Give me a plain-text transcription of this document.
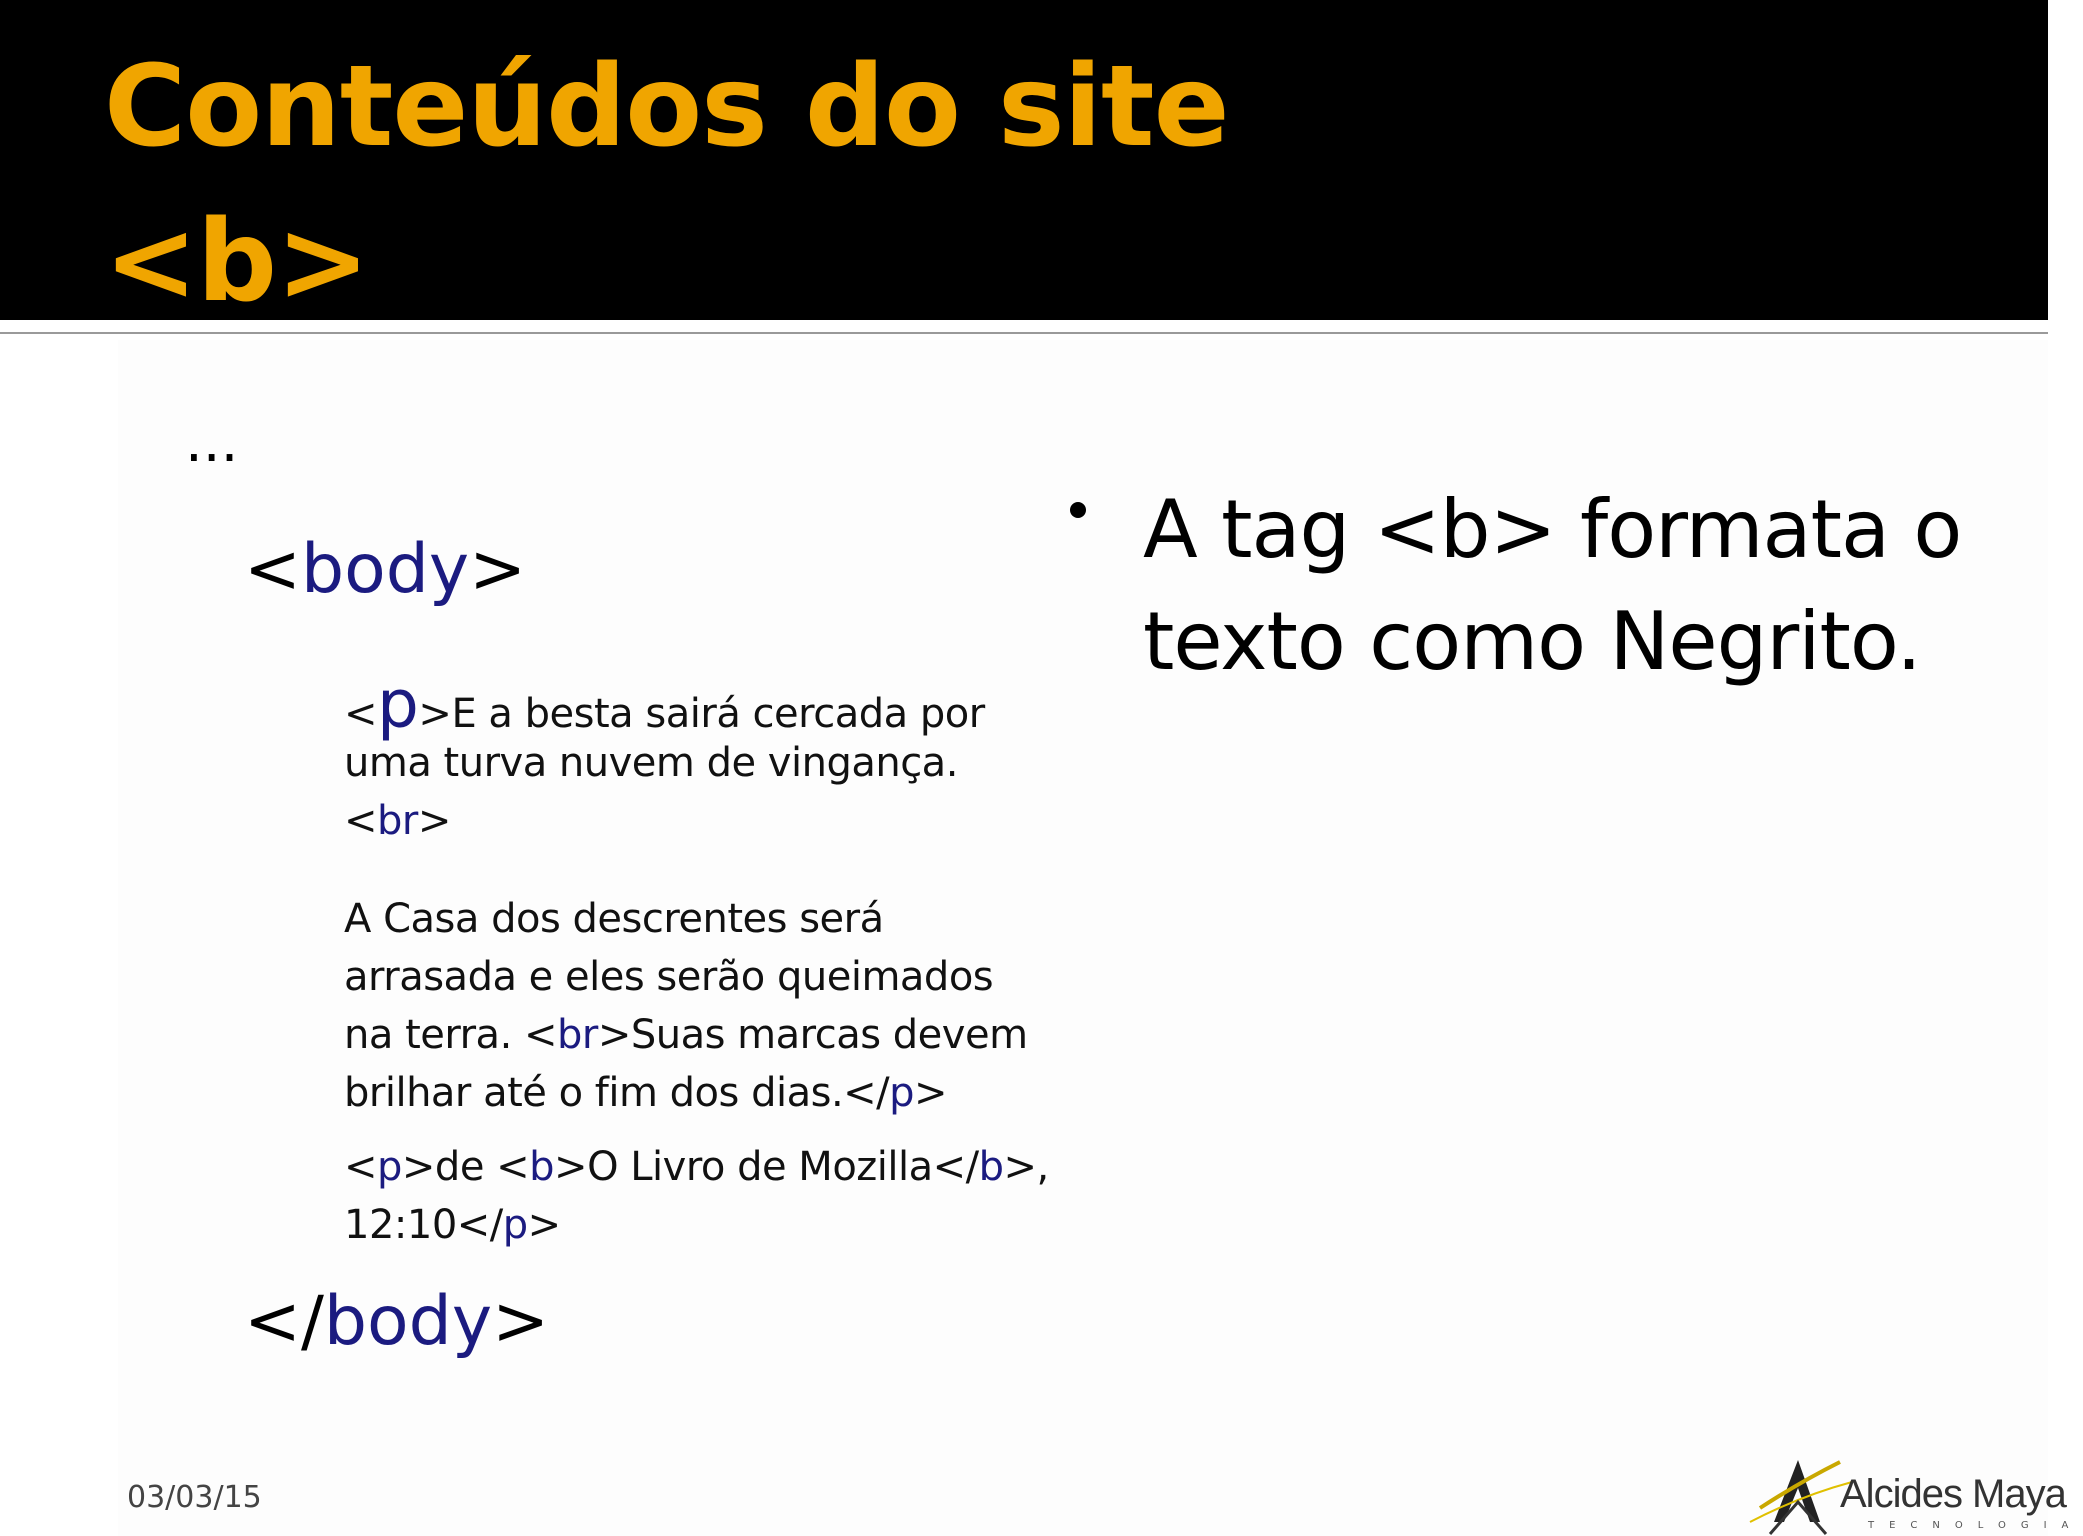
Conteúdos do site
<b>
...
<body>
<p>E a besta sairá cercada por
uma turva nuvem de vingança.
<br>
A Casa dos descrentes será
arrasada e eles serão queimados
na terra. <br>Suas marcas devem
brilhar até o fim dos dias.</p>
<p>de <b>O Livro de Mozilla</b>,
12:10</p>
</body>
A tag <b> formata o
texto como Negrito.
03/03/15	Alcides Maya
TECNOLOGIA
